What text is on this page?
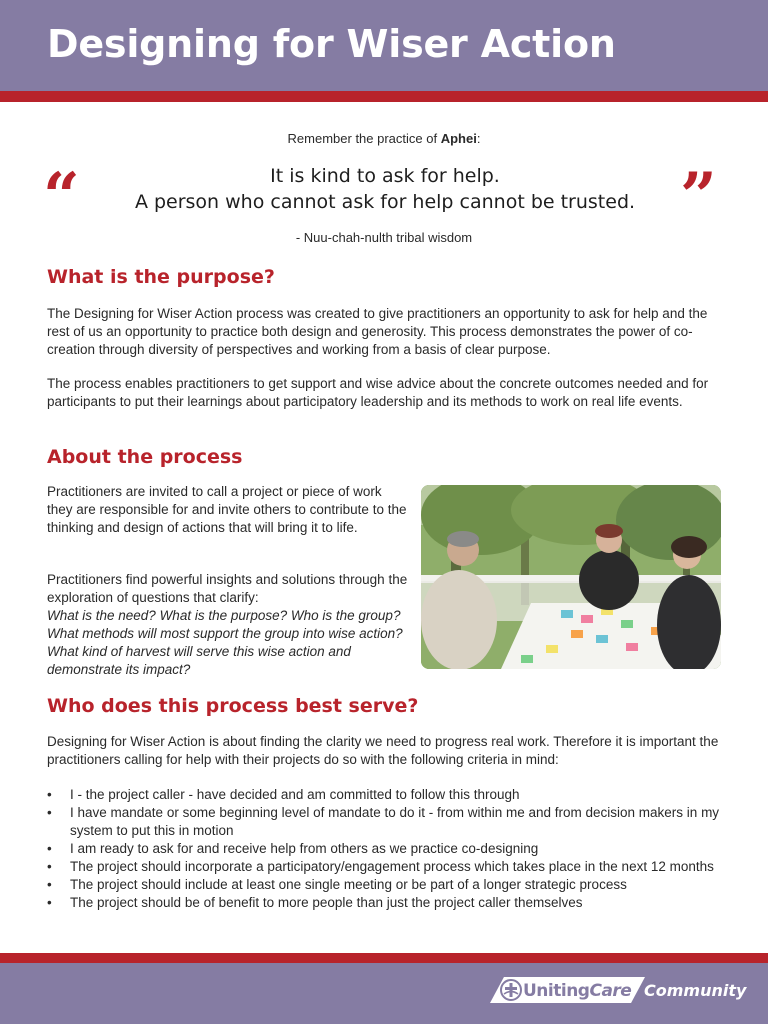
Designing for Wiser Action
Remember the practice of Aphei:
“	It is kind to ask for help.
A person who cannot ask for help cannot be trusted. ”
- Nuu-chah-nulth tribal wisdom
What is the purpose?

The Designing for Wiser Action process was created to give practitioners an opportunity to ask for help and the rest of us an opportunity to practice both design and generosity. This process demonstrates the power of co-creation through diversity of perspectives and working from a basis of clear purpose.

The process enables practitioners to get support and wise advice about the concrete outcomes needed and for participants to put their learnings about participatory leadership and its methods to work on real life events.

About the process

Practitioners are invited to call a project or piece of work they are responsible for and invite others to contribute to the thinking and design of actions that will bring it to life.

Practitioners find powerful insights and solutions through the exploration of questions that clarify:
What is the need? What is the purpose? Who is the group? What methods will most support the group into wise action? What kind of harvest will serve this wise action and demonstrate its impact?

Who does this process best serve?

Designing for Wiser Action is about finding the clarity we need to progress real work. Therefore it is important the practitioners calling for help with their projects do so with the following criteria in mind:

• I - the project caller - have decided and am committed to follow this through
• I have mandate or some beginning level of mandate to do it - from within me and from decision makers in my system to put this in motion
• I am ready to ask for and receive help from others as we practice co-designing
• The project should incorporate a participatory/engagement process which takes place in the next 12 months
• The project should include at least one single meeting or be part of a longer strategic process
• The project should be of benefit to more people than just the project caller themselves
UnitingCare Community
